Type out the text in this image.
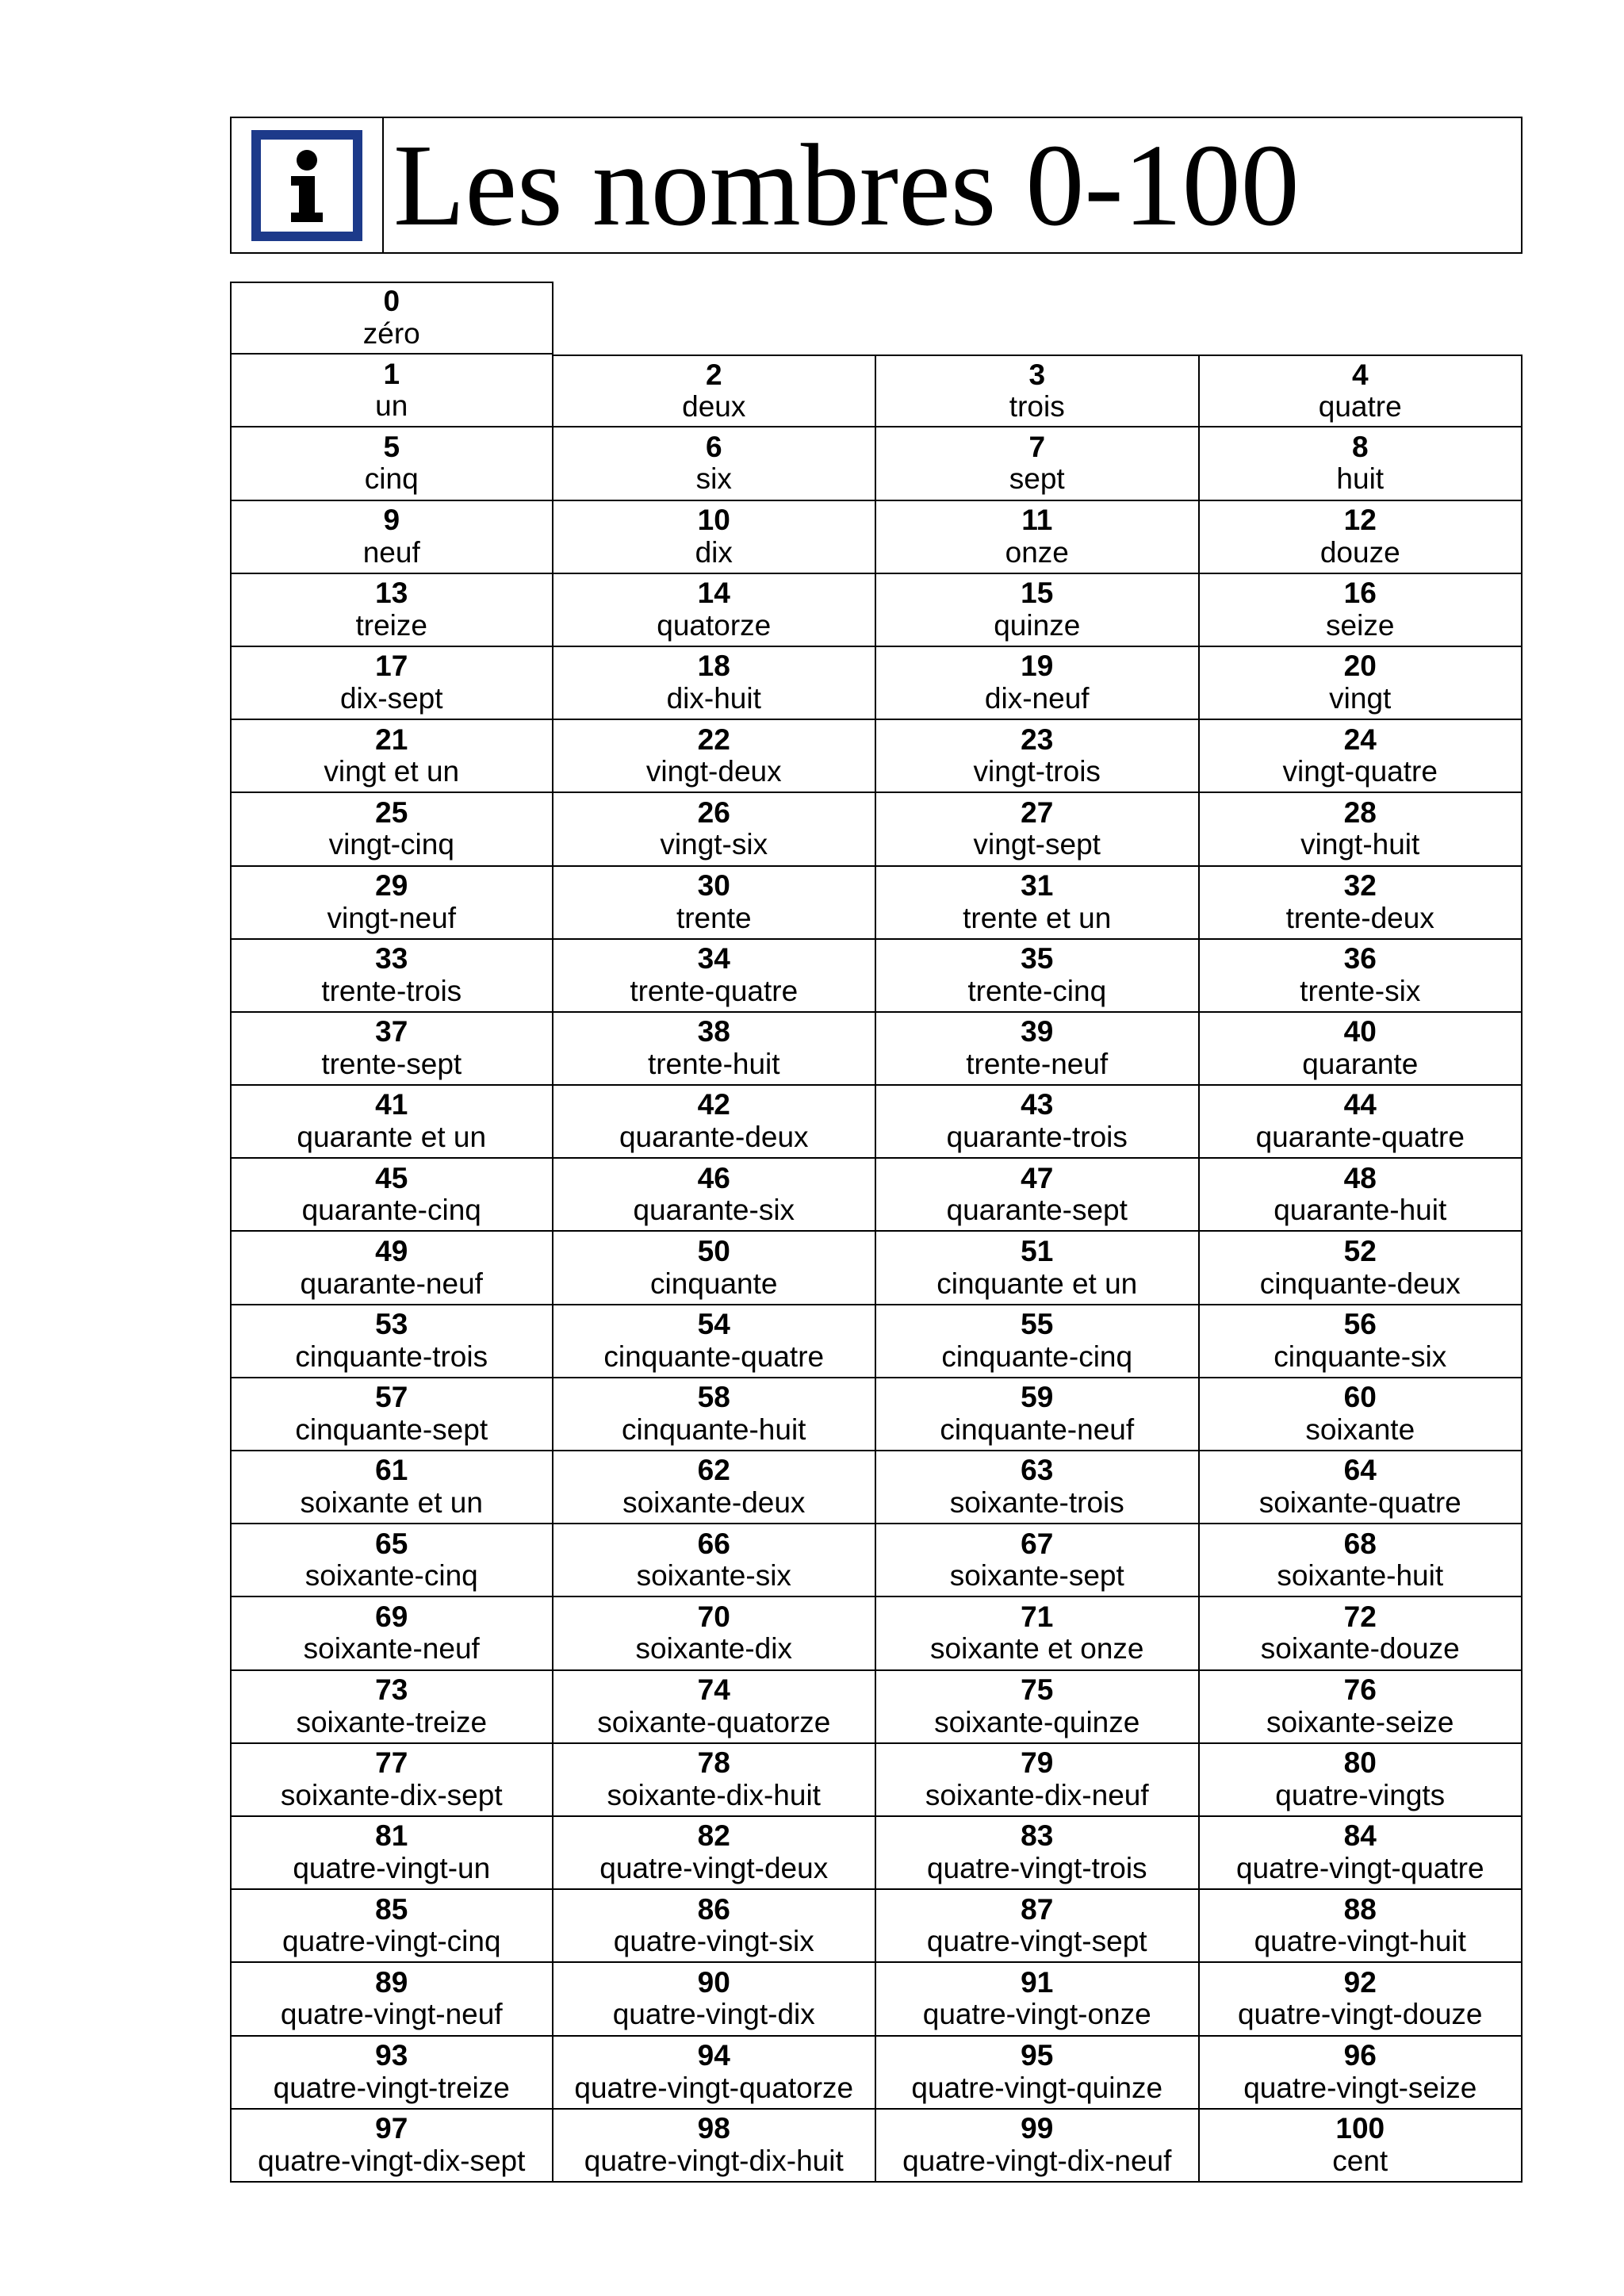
Les nombres 0-100
0
zéro
1
un
2
deux
3
trois
4
quatre
5
cinq
6
six
7
sept
8
huit
9
neuf
10
dix
11
onze
12
douze
13
treize
14
quatorze
15
quinze
16
seize
17
dix-sept
18
dix-huit
19
dix-neuf
20
vingt
21
vingt et un
22
vingt-deux
23
vingt-trois
24
vingt-quatre
25
vingt-cinq
26
vingt-six
27
vingt-sept
28
vingt-huit
29
vingt-neuf
30
trente
31
trente et un
32
trente-deux
33
trente-trois
34
trente-quatre
35
trente-cinq
36
trente-six
37
trente-sept
38
trente-huit
39
trente-neuf
40
quarante
41
quarante et un
42
quarante-deux
43
quarante-trois
44
quarante-quatre
45
quarante-cinq
46
quarante-six
47
quarante-sept
48
quarante-huit
49
quarante-neuf
50
cinquante
51
cinquante et un
52
cinquante-deux
53
cinquante-trois
54
cinquante-quatre
55
cinquante-cinq
56
cinquante-six
57
cinquante-sept
58
cinquante-huit
59
cinquante-neuf
60
soixante
61
soixante et un
62
soixante-deux
63
soixante-trois
64
soixante-quatre
65
soixante-cinq
66
soixante-six
67
soixante-sept
68
soixante-huit
69
soixante-neuf
70
soixante-dix
71
soixante et onze
72
soixante-douze
73
soixante-treize
74
soixante-quatorze
75
soixante-quinze
76
soixante-seize
77
soixante-dix-sept
78
soixante-dix-huit
79
soixante-dix-neuf
80
quatre-vingts
81
quatre-vingt-un
82
quatre-vingt-deux
83
quatre-vingt-trois
84
quatre-vingt-quatre
85
quatre-vingt-cinq
86
quatre-vingt-six
87
quatre-vingt-sept
88
quatre-vingt-huit
89
quatre-vingt-neuf
90
quatre-vingt-dix
91
quatre-vingt-onze
92
quatre-vingt-douze
93
quatre-vingt-treize
94
quatre-vingt-quatorze
95
quatre-vingt-quinze
96
quatre-vingt-seize
97
quatre-vingt-dix-sept
98
quatre-vingt-dix-huit
99
quatre-vingt-dix-neuf
100
cent
